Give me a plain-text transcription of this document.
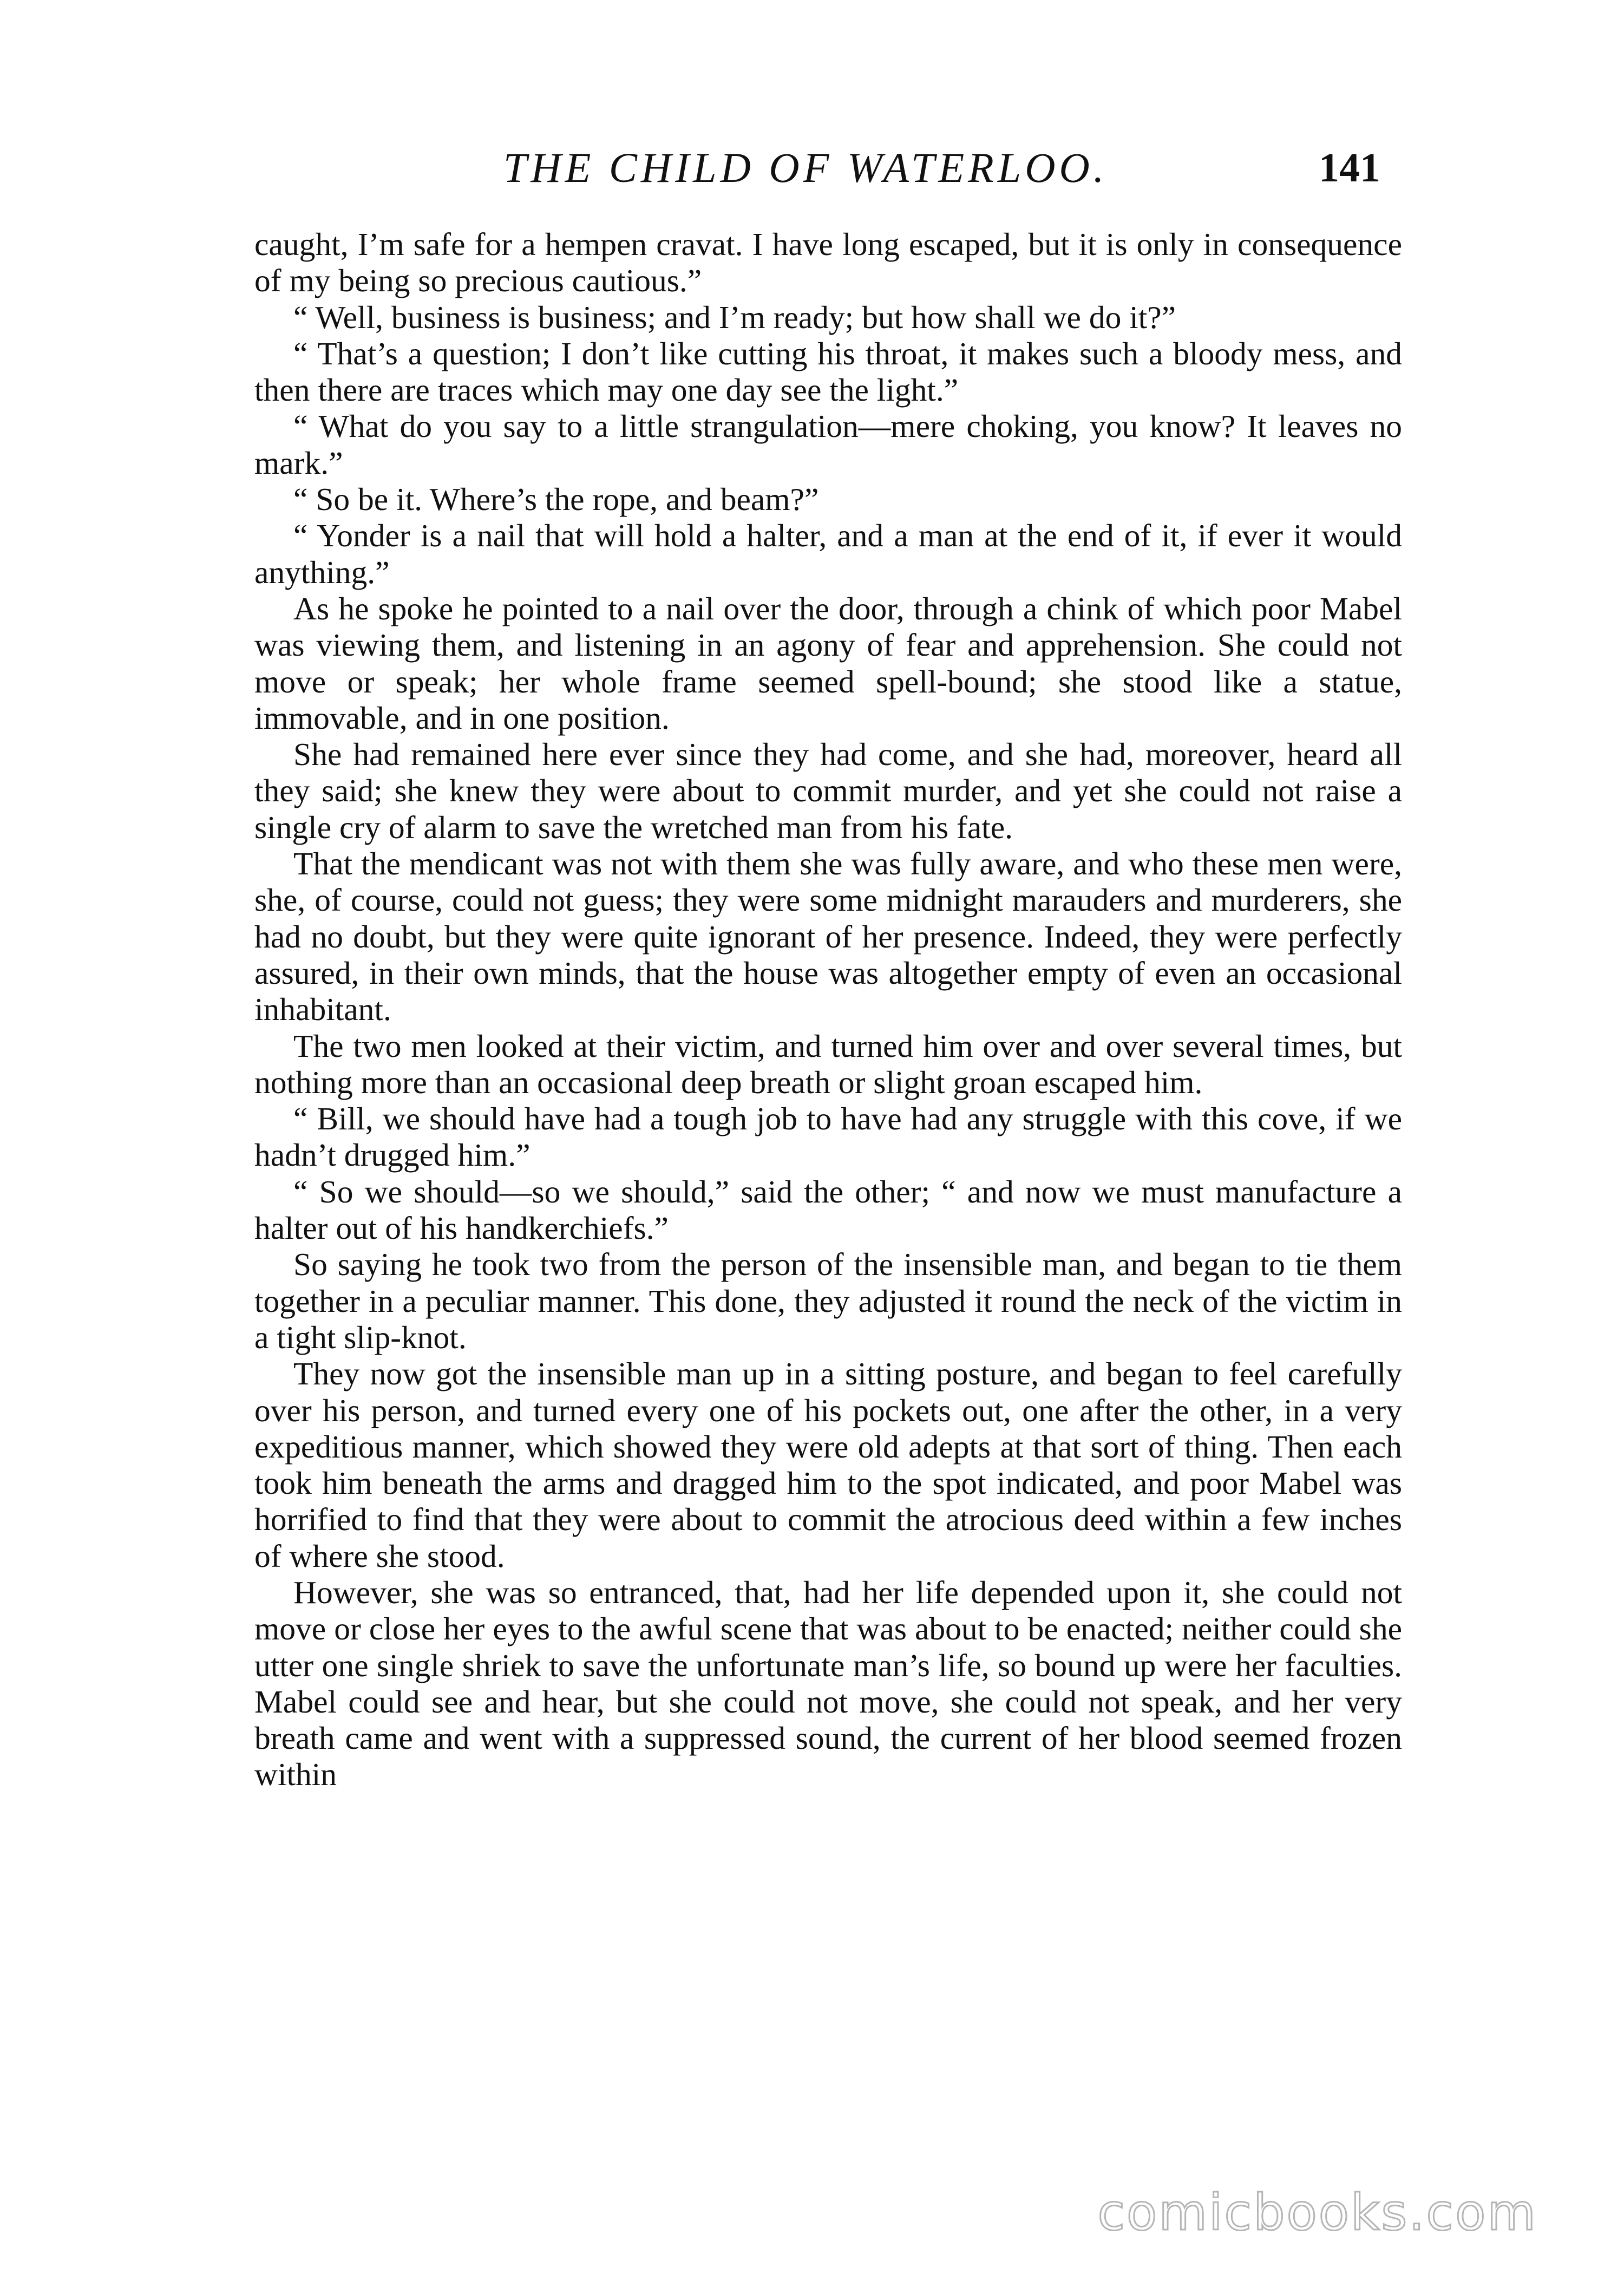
THE CHILD OF WATERLOO.	141

caught, I’m safe for a hempen cravat. I have long escaped, but it is only in consequence of my being so precious cautious.”

“ Well, business is business; and I’m ready; but how shall we do it?”

“ That’s a question; I don’t like cutting his throat, it makes such a bloody mess, and then there are traces which may one day see the light.”

“ What do you say to a little strangulation—mere choking, you know? It leaves no mark.”

“ So be it. Where’s the rope, and beam?”

“ Yonder is a nail that will hold a halter, and a man at the end of it, if ever it would anything.”

As he spoke he pointed to a nail over the door, through a chink of which poor Mabel was viewing them, and listening in an agony of fear and apprehension. She could not move or speak; her whole frame seemed spell-bound; she stood like a statue, immovable, and in one position.

She had remained here ever since they had come, and she had, moreover, heard all they said; she knew they were about to commit murder, and yet she could not raise a single cry of alarm to save the wretched man from his fate.

That the mendicant was not with them she was fully aware, and who these men were, she, of course, could not guess; they were some midnight marauders and murderers, she had no doubt, but they were quite ignorant of her presence. Indeed, they were perfectly assured, in their own minds, that the house was altogether empty of even an occasional inhabitant.

The two men looked at their victim, and turned him over and over several times, but nothing more than an occasional deep breath or slight groan escaped him.

“ Bill, we should have had a tough job to have had any struggle with this cove, if we hadn’t drugged him.”

“ So we should—so we should,” said the other; “ and now we must manufacture a halter out of his handkerchiefs.”

So saying he took two from the person of the insensible man, and began to tie them together in a peculiar manner. This done, they adjusted it round the neck of the victim in a tight slip-knot.

They now got the insensible man up in a sitting posture, and began to feel carefully over his person, and turned every one of his pockets out, one after the other, in a very expeditious manner, which showed they were old adepts at that sort of thing. Then each took him beneath the arms and dragged him to the spot indicated, and poor Mabel was horrified to find that they were about to commit the atrocious deed within a few inches of where she stood.

However, she was so entranced, that, had her life depended upon it, she could not move or close her eyes to the awful scene that was about to be enacted; neither could she utter one single shriek to save the unfortunate man’s life, so bound up were her faculties. Mabel could see and hear, but she could not move, she could not speak, and her very breath came and went with a suppressed sound, the current of her blood seemed frozen within

comicbooks.com
